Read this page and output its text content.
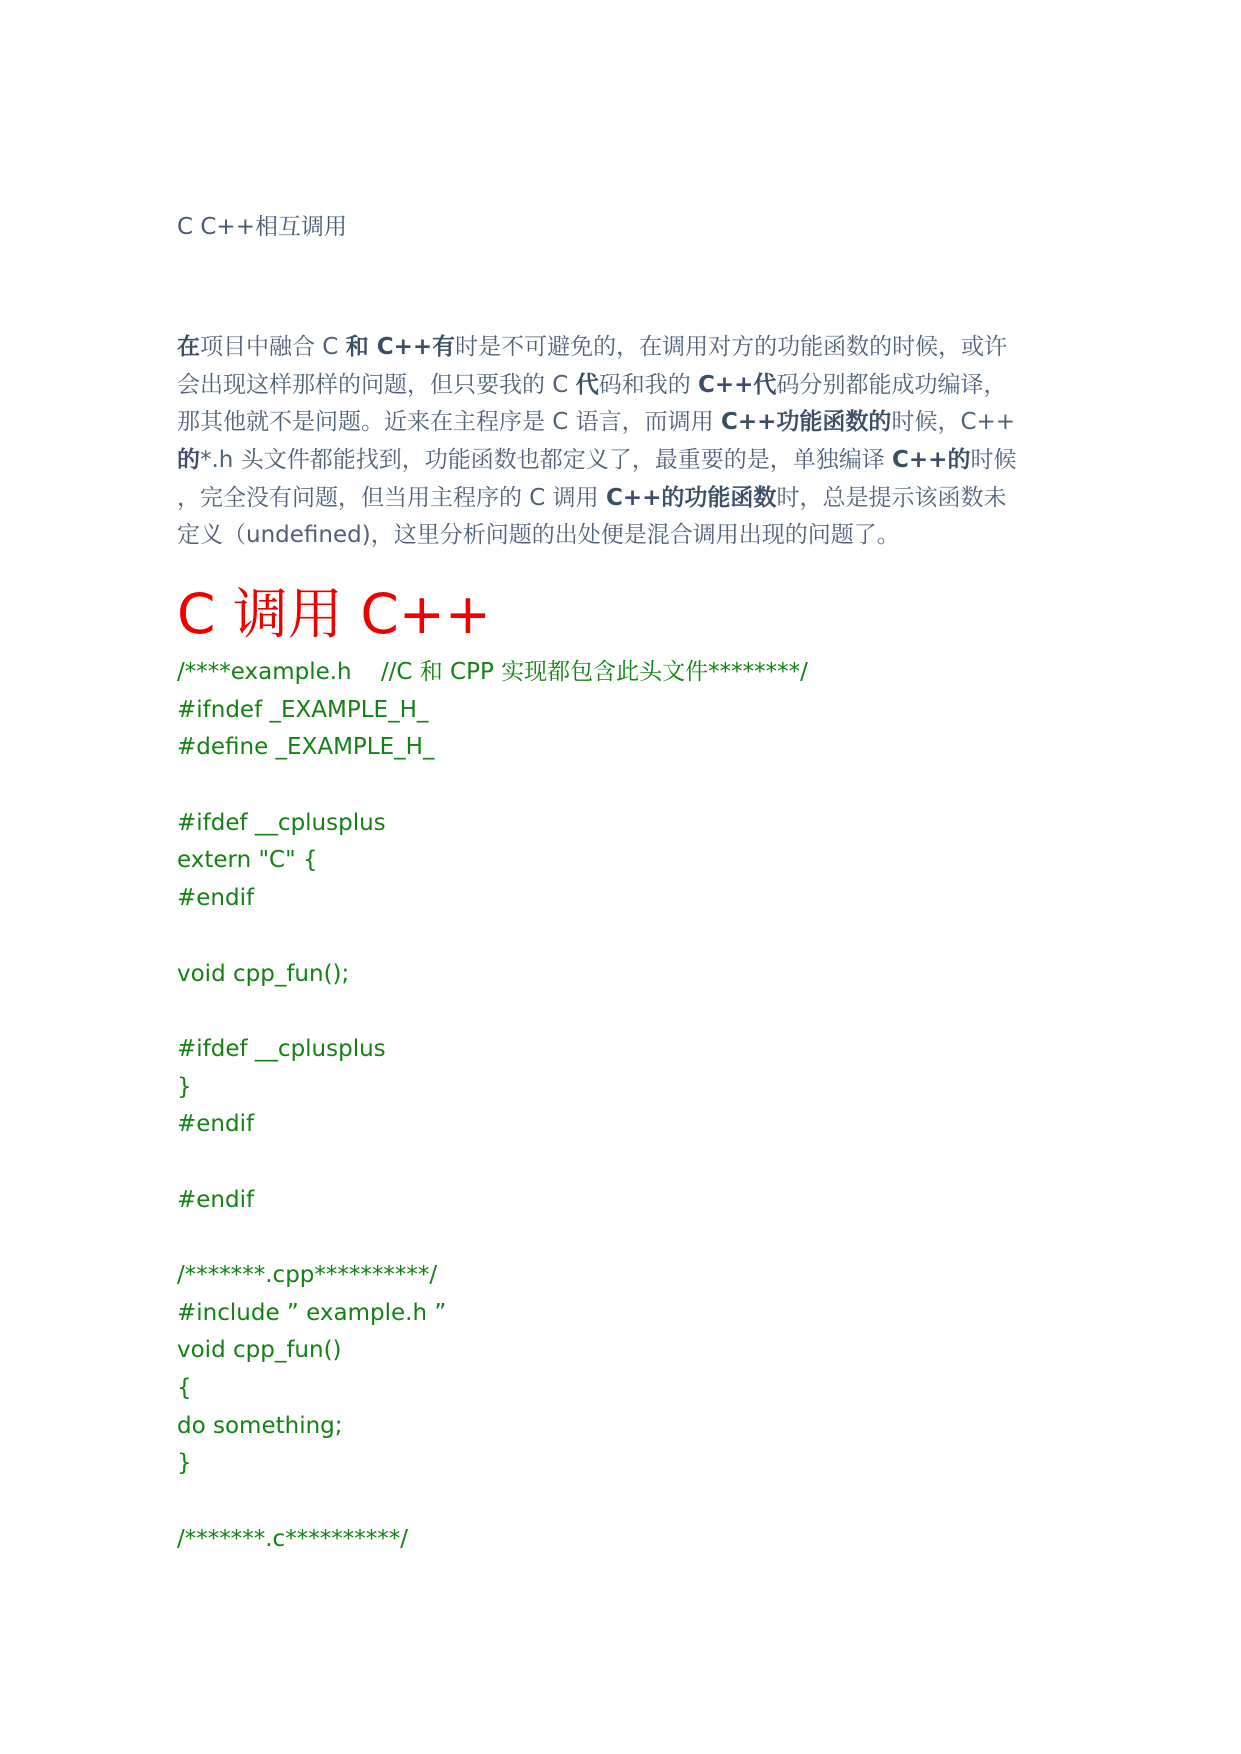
C C++相互调用
在项目中融合 C 和 C++有时是不可避免的，在调用对方的功能函数的时候，或许
会出现这样那样的问题，但只要我的 C 代码和我的 C++代码分别都能成功编译，
那其他就不是问题。近来在主程序是 C 语言，而调用 C++功能函数的时候，C++
的*.h 头文件都能找到，功能函数也都定义了，最重要的是，单独编译 C++的时候
，完全没有问题，但当用主程序的 C 调用 C++的功能函数时，总是提示该函数未
定义（undefined)，这里分析问题的出处便是混合调用出现的问题了。
C 调用 C++
/****example.h    //C 和 CPP 实现都包含此头文件********/
#ifndef _EXAMPLE_H_
#define _EXAMPLE_H_
#ifdef __cplusplus
extern "C" {
#endif
void cpp_fun();
#ifdef __cplusplus
}
#endif
#endif
/*******.cpp**********/
#include ” example.h ”
void cpp_fun()
{
do something;
}
/*******.c**********/
